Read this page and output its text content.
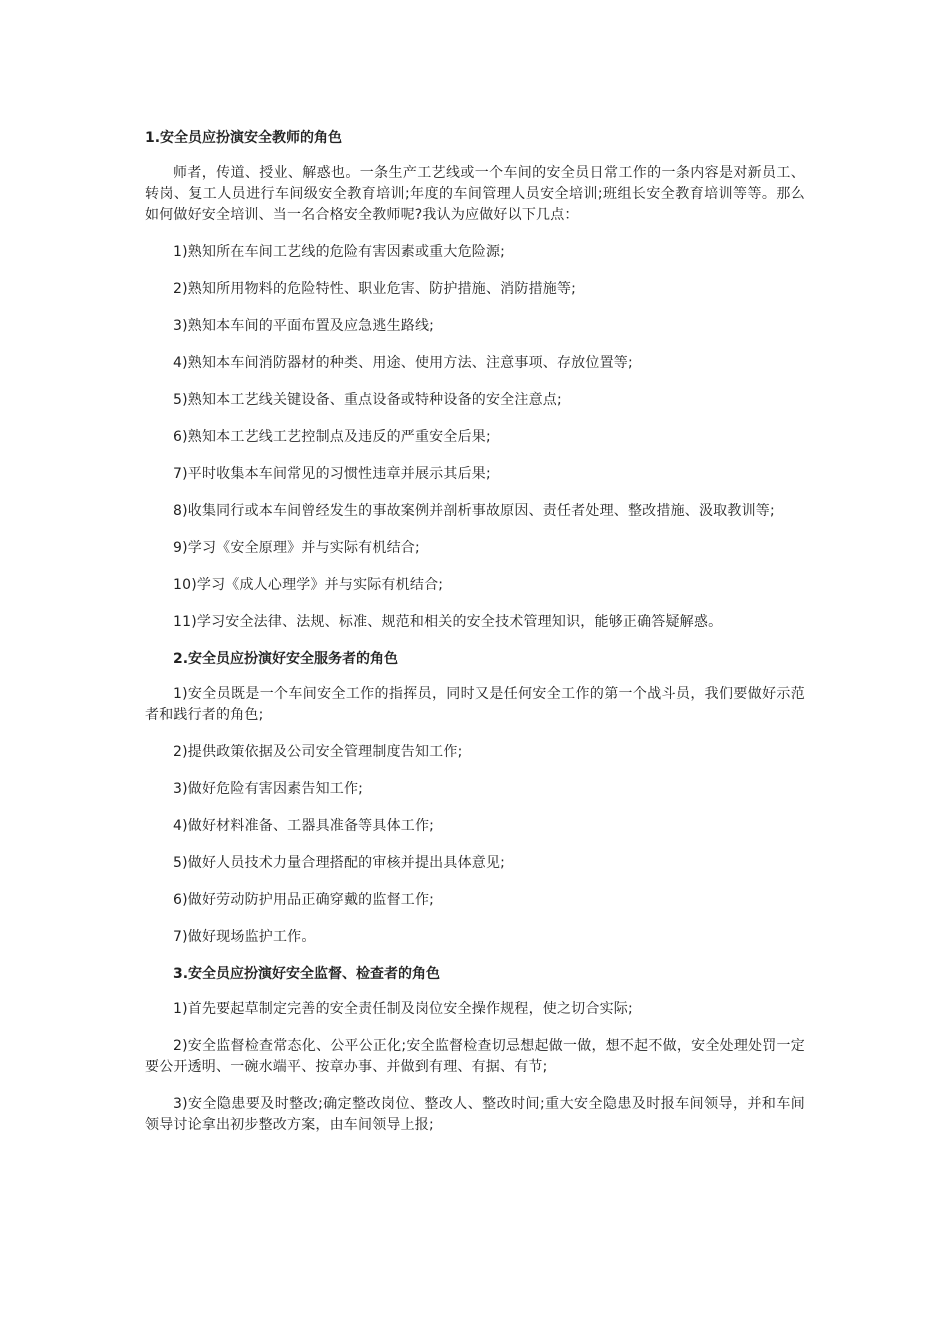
1.安全员应扮演安全教师的角色

师者，传道、授业、解惑也。一条生产工艺线或一个车间的安全员日常工作的一条内容是对新员工、转岗、复工人员进行车间级安全教育培训;年度的车间管理人员安全培训;班组长安全教育培训等等。那么如何做好安全培训、当一名合格安全教师呢?我认为应做好以下几点：

1)熟知所在车间工艺线的危险有害因素或重大危险源;

2)熟知所用物料的危险特性、职业危害、防护措施、消防措施等;

3)熟知本车间的平面布置及应急逃生路线;

4)熟知本车间消防器材的种类、用途、使用方法、注意事项、存放位置等;

5)熟知本工艺线关键设备、重点设备或特种设备的安全注意点;

6)熟知本工艺线工艺控制点及违反的严重安全后果;

7)平时收集本车间常见的习惯性违章并展示其后果;

8)收集同行或本车间曾经发生的事故案例并剖析事故原因、责任者处理、整改措施、汲取教训等;

9)学习《安全原理》并与实际有机结合;

10)学习《成人心理学》并与实际有机结合;

11)学习安全法律、法规、标准、规范和相关的安全技术管理知识，能够正确答疑解惑。

2.安全员应扮演好安全服务者的角色

1)安全员既是一个车间安全工作的指挥员，同时又是任何安全工作的第一个战斗员，我们要做好示范者和践行者的角色;

2)提供政策依据及公司安全管理制度告知工作;

3)做好危险有害因素告知工作;

4)做好材料准备、工器具准备等具体工作;

5)做好人员技术力量合理搭配的审核并提出具体意见;

6)做好劳动防护用品正确穿戴的监督工作;

7)做好现场监护工作。

3.安全员应扮演好安全监督、检查者的角色

1)首先要起草制定完善的安全责任制及岗位安全操作规程，使之切合实际;

2)安全监督检查常态化、公平公正化;安全监督检查切忌想起做一做，想不起不做，安全处理处罚一定要公开透明、一碗水端平、按章办事、并做到有理、有据、有节;

3)安全隐患要及时整改;确定整改岗位、整改人、整改时间;重大安全隐患及时报车间领导，并和车间领导讨论拿出初步整改方案，由车间领导上报;
